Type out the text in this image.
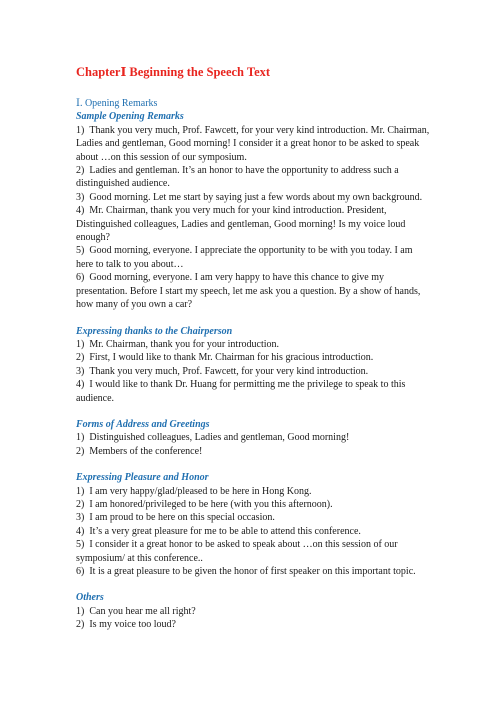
ChapterⅠ Beginning the Speech Text
Ⅰ. Opening Remarks
Sample Opening Remarks
1) Thank you very much, Prof. Fawcett, for your very kind introduction. Mr. Chairman, Ladies and gentleman, Good morning! I consider it a great honor to be asked to speak about …on this session of our symposium.
2) Ladies and gentleman. It’s an honor to have the opportunity to address such a distinguished audience.
3) Good morning. Let me start by saying just a few words about my own background.
4) Mr. Chairman, thank you very much for your kind introduction. President, Distinguished colleagues, Ladies and gentleman, Good morning! Is my voice loud enough?
5) Good morning, everyone. I appreciate the opportunity to be with you today. I am here to talk to you about…
6) Good morning, everyone. I am very happy to have this chance to give my presentation. Before I start my speech, let me ask you a question. By a show of hands, how many of you own a car?
Expressing thanks to the Chairperson
1) Mr. Chairman, thank you for your introduction.
2) First, I would like to thank Mr. Chairman for his gracious introduction.
3) Thank you very much, Prof. Fawcett, for your very kind introduction.
4) I would like to thank Dr. Huang for permitting me the privilege to speak to this audience.
Forms of Address and Greetings
1) Distinguished colleagues, Ladies and gentleman, Good morning!
2) Members of the conference!
Expressing Pleasure and Honor
1) I am very happy/glad/pleased to be here in Hong Kong.
2) I am honored/privileged to be here (with you this afternoon).
3) I am proud to be here on this special occasion.
4) It’s a very great pleasure for me to be able to attend this conference.
5) I consider it a great honor to be asked to speak about …on this session of our symposium/ at this conference..
6) It is a great pleasure to be given the honor of first speaker on this important topic.
Others
1) Can you hear me all right?
2) Is my voice too loud?
